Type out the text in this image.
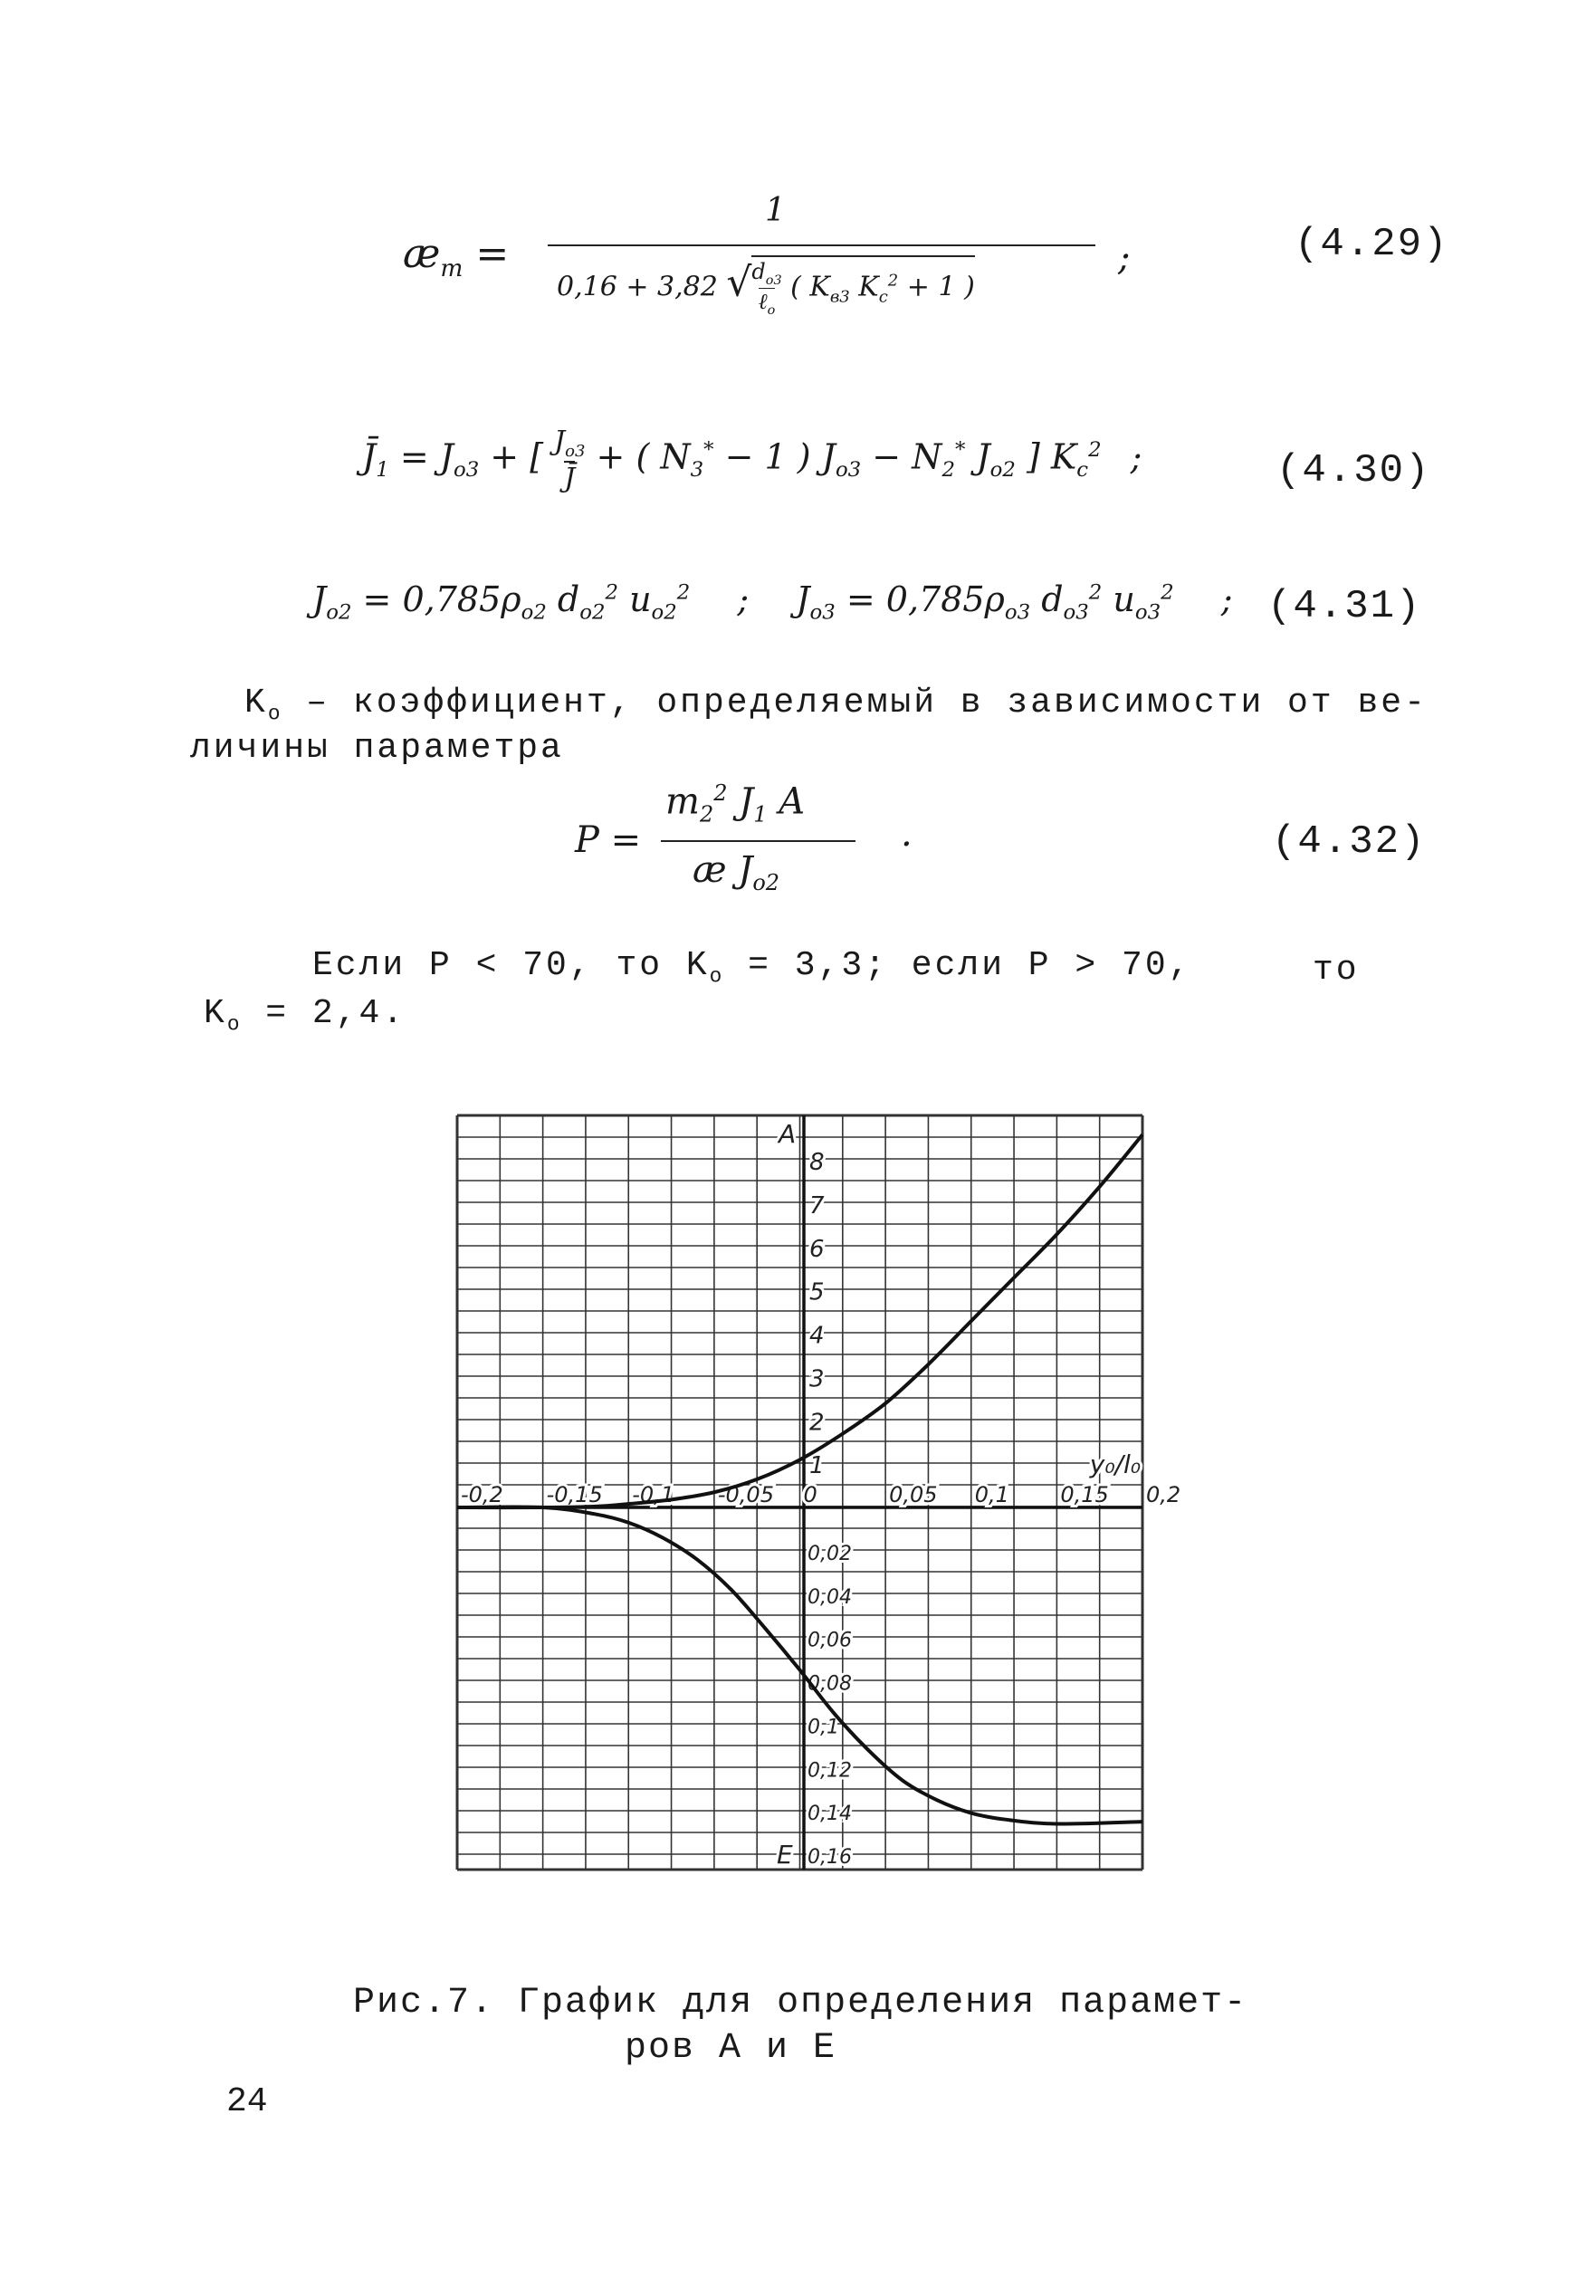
$æ_m$ =
1
0,16 + 3,82 √ $d_{o3}$
ℓ$_o$
( $K_{в3}$ $K_c^2 + 1$ )
;	(4.29)
$J̄_1 = J_{o3}$ + [ $\frac{J_{o3}}{J̄}$ + ( $N_3^* - 1$ ) $J_{o3} - N_2^*$ $J_{o2}$ ] $K_c^2$ ;	(4.30)
$J_{o2} = 0,785\rho_{o2}$ $d_{o2}^2$ $u_{o2}^2$ ; $J_{o3} = 0,785\rho_{o3}$ $d_{o3}^2$ $u_{o3}^2$ ; (4.31)
$K_o$ – коэффициент, определяемый в зависимости от ве-
личины параметра
P =
$m_2^2$ $J_1$ A
æ $J_{o2}$
.	(4.32)
Если P < 70, то $K_o = 3,3$; если P > 70,	то
$K_o = 2,4$.
-0,2 -0,15 -0,1 -0,05 0	0,05 0,1 0,15 0,2
1
2
3
4
5
6
7
8
0,02
0,04
0,06
0,08
0,1
0,12
0,14
0,16
A
E
y₀/l₀
Рис.7. График для определения парамет-
ров А и Е
24
